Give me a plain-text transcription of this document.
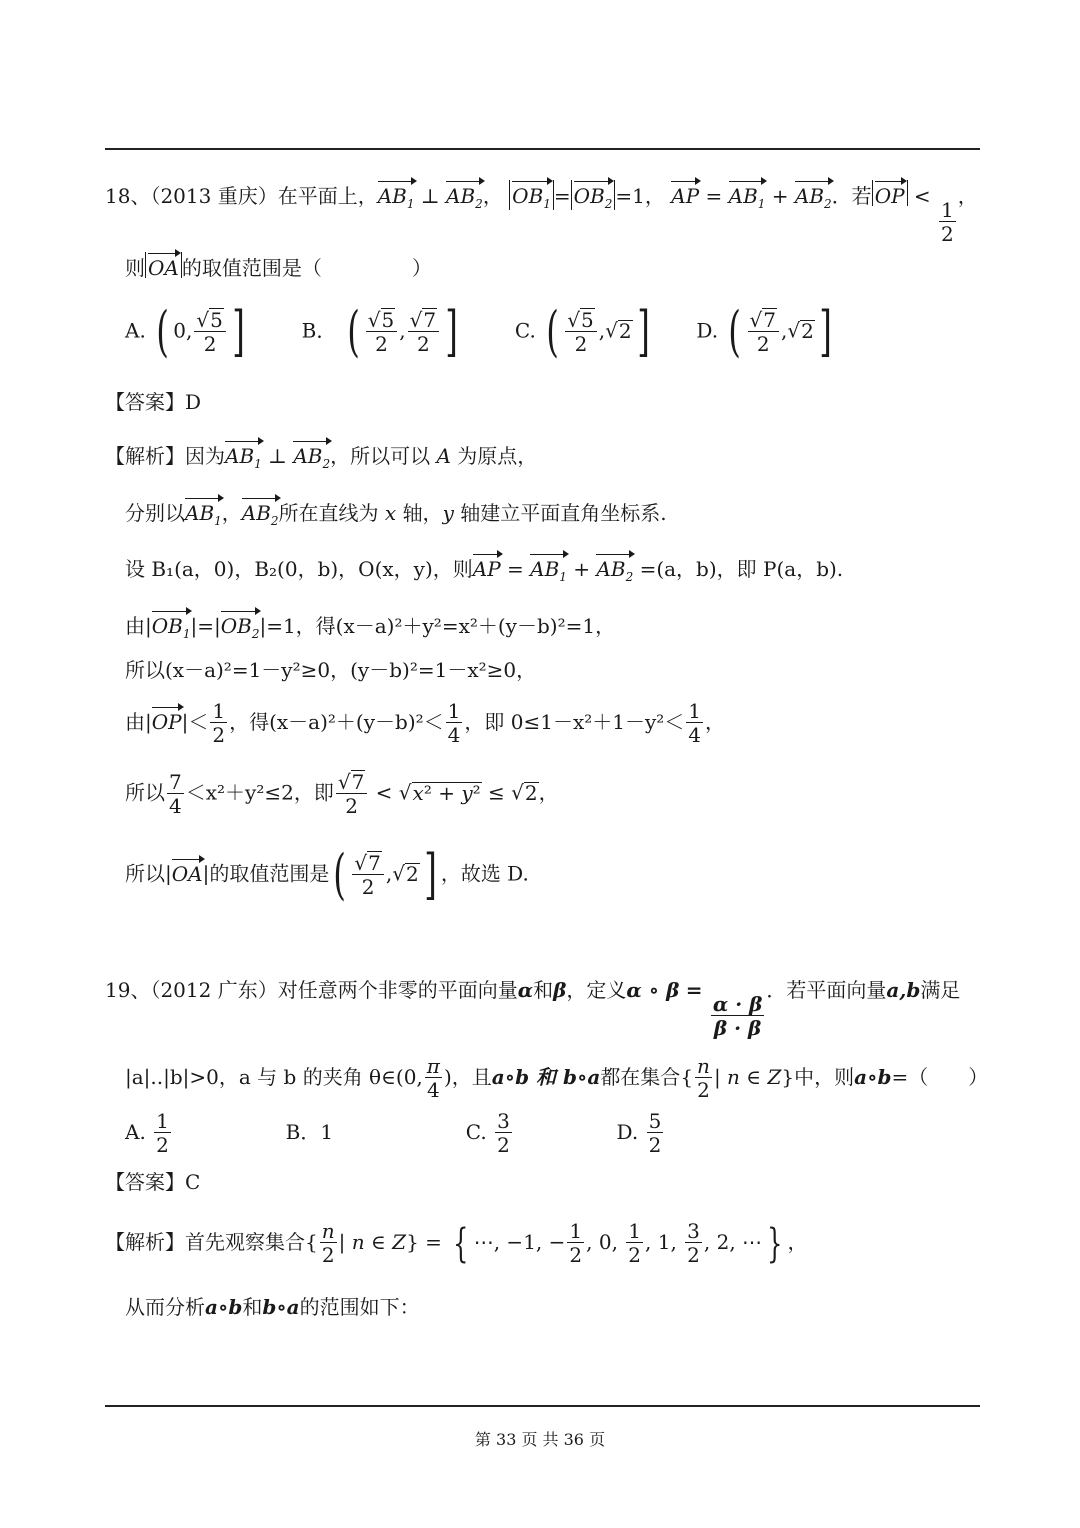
18、（2013 重庆）在平面上，$AB_1$ ⊥ $AB_2$， $OB_1 = OB_2 =1$， AP = $AB_1 + AB_2$．若 OP <
$\frac{1}{2}$
，
则 OA 的取值范围是（	）
A. ( 0, $\frac{√5}{2}$ ]	B． ( $\frac{√5}{2}$ , $\frac{√7}{2}$ ]	C. ( $\frac{√5}{2} ,√2$] D. ( $\frac{√7}{2} ,√2$]
【答案】D
【解析】因为$AB_1$ ⊥ $AB_2$，所以可以 A 为原点，
分别以$AB_1$，$AB_2$所在直线为 x 轴，y 轴建立平面直角坐标系.
设 B₁(a，0)，B₂(0，b)，O(x，y)，则AP = $AB_1 + AB_2 =(a$，b)，即 P(a，b).
由$|OB_1|=|OB_2|=1$，得(x－a)²＋y²=x²＋(y－b)²=1，
所以(x－a)²=1－y²≥0，(y－b)²=1－x²≥0，
由$|OP|< \frac{1}{2}$ ，得$(x-a)^2+(y-b)^2< \frac{1}{4}$ ，即 $0\le 1-x^2+1-y^2< \frac{1}{4}$ ，
所以 $\frac{7}{4} <x^2+y^2\le 2$，即 $\frac{√7}{2} < √x^2 + y^2 \le √2$，
所以|OA|的取值范围是( $\frac{√7}{2} ,√2$] ，故选 D.
19、（2012 广东）对任意两个非零的平面向量α和β，定义α ∘ β =
$\frac{\alpha \cdot \beta}{\beta \cdot \beta}$
．若平面向量a,b满足
|a|..|b|>0，a 与 b 的夹角 θ∈(0, $\frac{\pi}{4}$ )，且a∘b 和 b∘a都在集合{ $\frac{n}{2}$ | n ∈ Z}中，则a∘b=（　　）
A. $\frac{1}{2}$	B．1	C. $\frac{3}{2}$	D. $\frac{5}{2}$
【答案】C
【解析】首先观察集合{ $\frac{n}{2}$ | n ∈ Z} = { ⋯, −1, − $\frac{1}{2}$ , 0, $\frac{1}{2}$ , 1, $\frac{3}{2}$ , 2, ⋯ } ，
从而分析a∘b和b∘a的范围如下：
第 33 页 共 36 页
